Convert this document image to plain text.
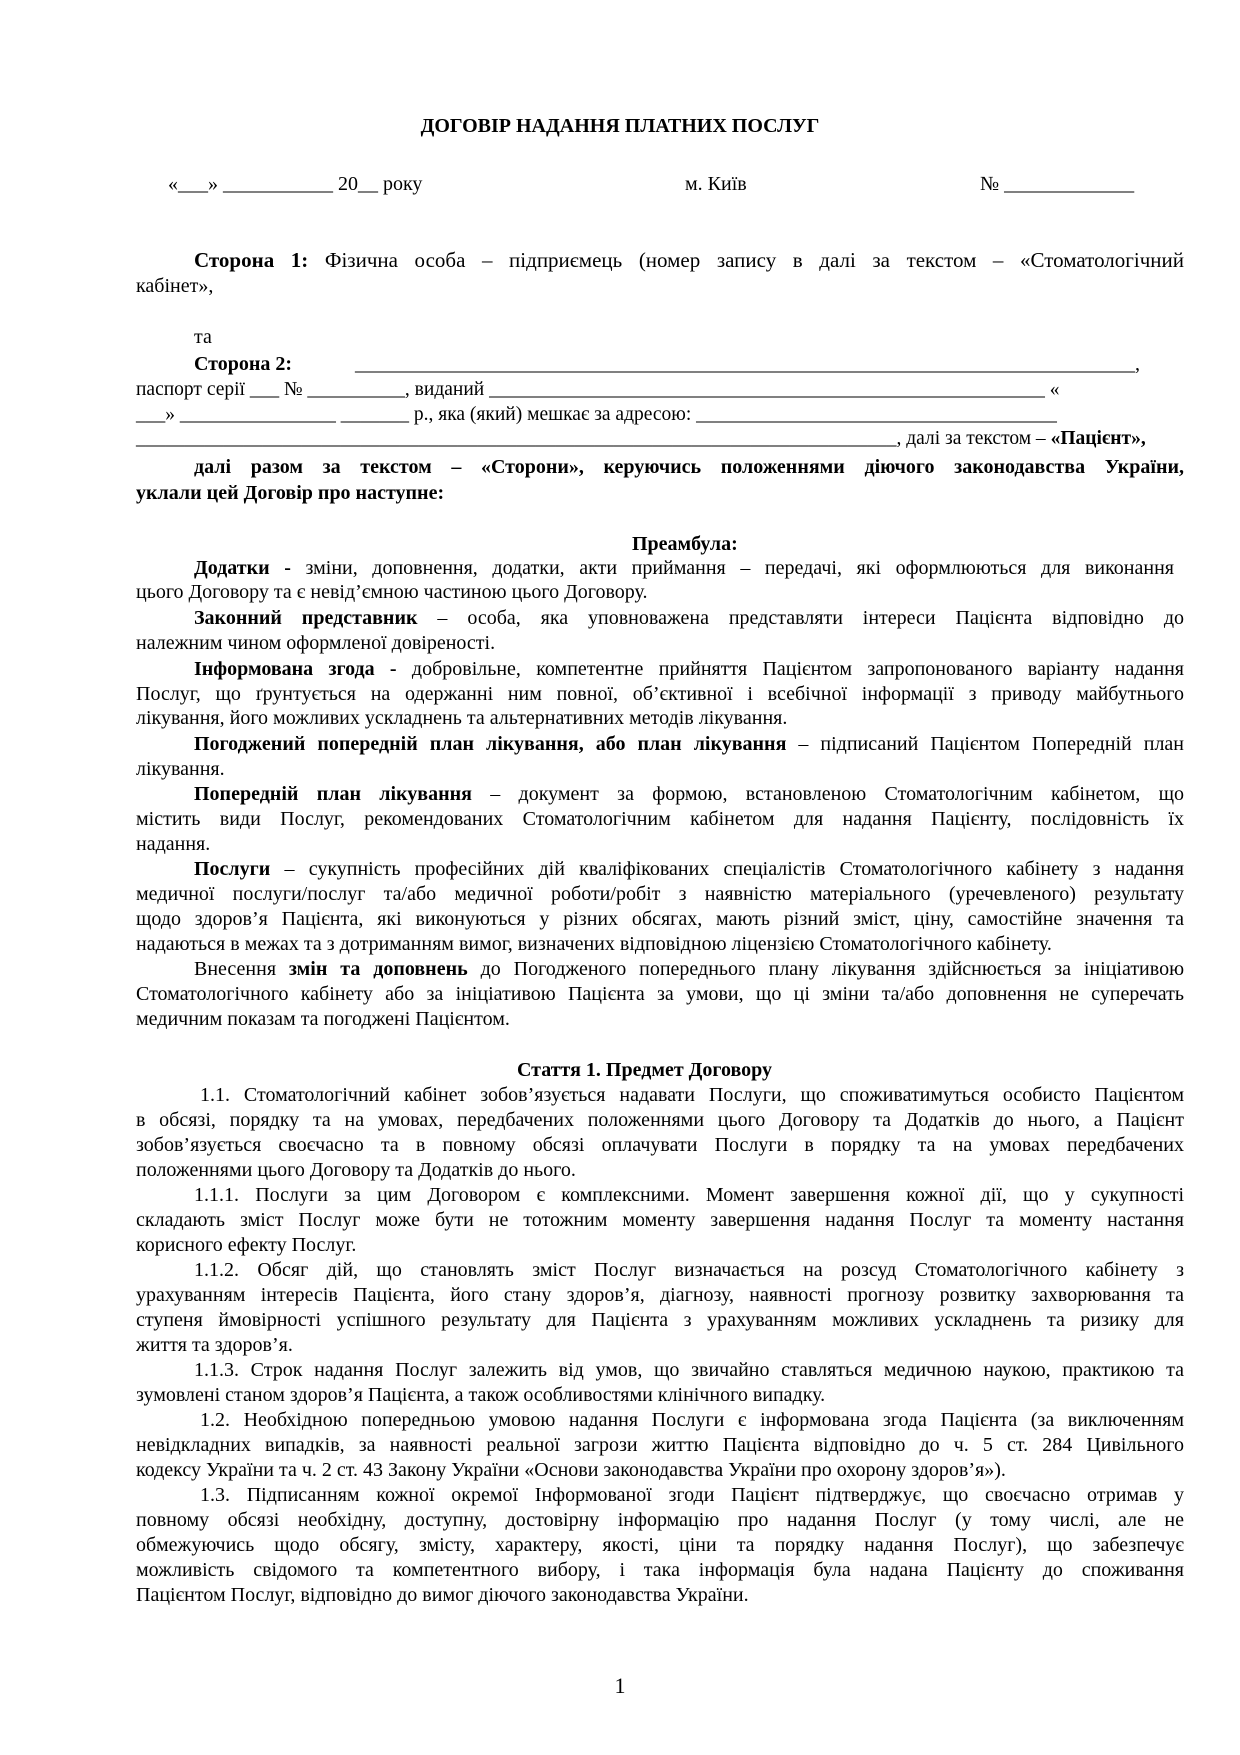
ДОГОВІР НАДАННЯ ПЛАТНИХ ПОСЛУГ
«___» ___________ 20__ року	м. Київ	№ _____________
Сторона 1: Фізична особа – підприємець (номер запису в далі за текстом – «Стоматологічний
кабінет»,
та
Сторона 2:	______________________________________________________________________________,
паспорт серії ___ № __________, виданий _________________________________________________________ «
___» ________________ _______ р., яка (який) мешкає за адресою: _____________________________________
______________________________________________________________________________, далі за текстом – «Пацієнт»,
далі разом за текстом – «Сторони», керуючись положеннями діючого законодавства України,
уклали цей Договір про наступне:
Преамбула:
Додатки - зміни, доповнення, додатки, акти приймання – передачі, які оформлюються для виконання
цього Договору та є невід’ємною частиною цього Договору.
Законний представник – особа, яка уповноважена представляти інтереси Пацієнта відповідно до
належним чином оформленої довіреності.
Інформована згода - добровільне, компетентне прийняття Пацієнтом запропонованого варіанту надання
Послуг, що ґрунтується на одержанні ним повної, об’єктивної і всебічної інформації з приводу майбутнього
лікування, його можливих ускладнень та альтернативних методів лікування.
Погоджений попередній план лікування, або план лікування – підписаний Пацієнтом Попередній план
лікування.
Попередній план лікування – документ за формою, встановленою Стоматологічним кабінетом, що
містить види Послуг, рекомендованих Стоматологічним кабінетом для надання Пацієнту, послідовність їх
надання.
Послуги – сукупність професійних дій кваліфікованих спеціалістів Стоматологічного кабінету з надання
медичної послуги/послуг та/або медичної роботи/робіт з наявністю матеріального (уречевленого) результату
щодо здоров’я Пацієнта, які виконуються у різних обсягах, мають різний зміст, ціну, самостійне значення та
надаються в межах та з дотриманням вимог, визначених відповідною ліцензією Стоматологічного кабінету.
Внесення змін та доповнень до Погодженого попереднього плану лікування здійснюється за ініціативою
Стоматологічного кабінету або за ініціативою Пацієнта за умови, що ці зміни та/або доповнення не суперечать
медичним показам та погоджені Пацієнтом.
Стаття 1. Предмет Договору
1.1. Стоматологічний кабінет зобов’язується надавати Послуги, що споживатимуться особисто Пацієнтом
в обсязі, порядку та на умовах, передбачених положеннями цього Договору та Додатків до нього, а Пацієнт
зобов’язується своєчасно та в повному обсязі оплачувати Послуги в порядку та на умовах передбачених
положеннями цього Договору та Додатків до нього.
1.1.1. Послуги за цим Договором є комплексними. Момент завершення кожної дії, що у сукупності
складають зміст Послуг може бути не тотожним моменту завершення надання Послуг та моменту настання
корисного ефекту Послуг.
1.1.2. Обсяг дій, що становлять зміст Послуг визначається на розсуд Стоматологічного кабінету з
урахуванням інтересів Пацієнта, його стану здоров’я, діагнозу, наявності прогнозу розвитку захворювання та
ступеня ймовірності успішного результату для Пацієнта з урахуванням можливих ускладнень та ризику для
життя та здоров’я.
1.1.3. Строк надання Послуг залежить від умов, що звичайно ставляться медичною наукою, практикою та
зумовлені станом здоров’я Пацієнта, а також особливостями клінічного випадку.
1.2. Необхідною попередньою умовою надання Послуги є інформована згода Пацієнта (за виключенням
невідкладних випадків, за наявності реальної загрози життю Пацієнта відповідно до ч. 5 ст. 284 Цивільного
кодексу України та ч. 2 ст. 43 Закону України «Основи законодавства України про охорону здоров’я»).
1.3. Підписанням кожної окремої Інформованої згоди Пацієнт підтверджує, що своєчасно отримав у
повному обсязі необхідну, доступну, достовірну інформацію про надання Послуг (у тому числі, але не
обмежуючись щодо обсягу, змісту, характеру, якості, ціни та порядку надання Послуг), що забезпечує
можливість свідомого та компетентного вибору, і така інформація була надана Пацієнту до споживання
Пацієнтом Послуг, відповідно до вимог діючого законодавства України.
1
